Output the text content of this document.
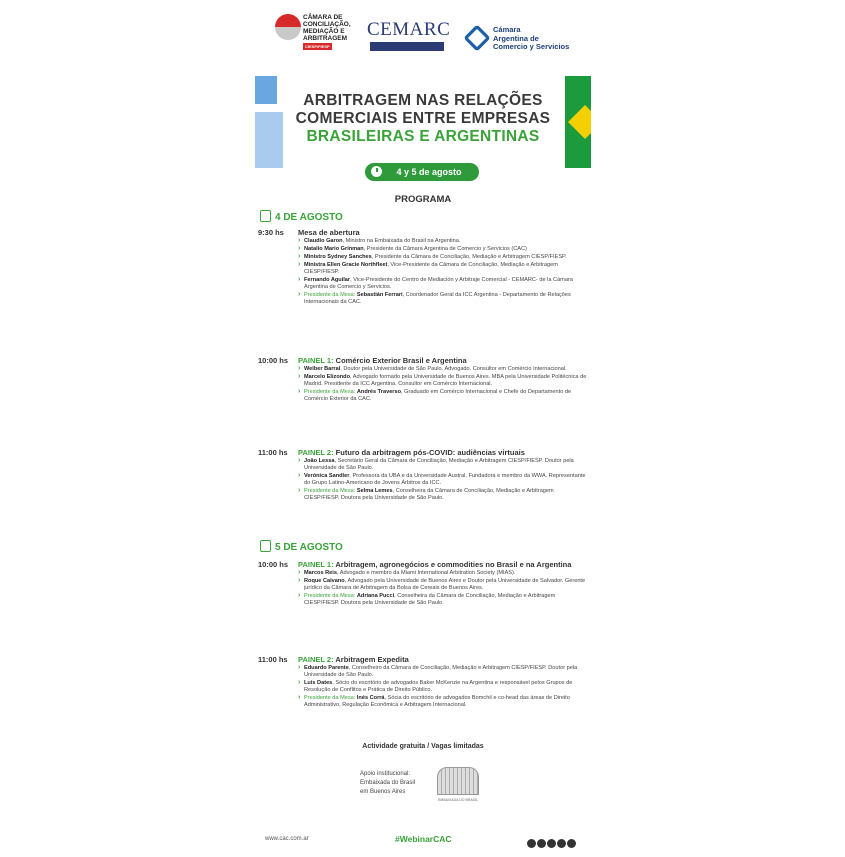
CÂMARA DE
CONCILIAÇÃO,
MEDIAÇÃO E
ARBITRAGEM
CIESP/FIESP
CEMARC	Cámara
Argentina de
Comercio y Servicios
ARBITRAGEM NAS RELAÇÕES
COMERCIAIS ENTRE EMPRESAS
BRASILEIRAS E ARGENTINAS
4 y 5 de agosto
PROGRAMA
4 DE AGOSTO
9:30 hs	Mesa de abertura
› Claudio Garon, Ministro na Embaixada do Brasil na Argentina.
› Natalio Mario Grinman, Presidente da Câmara Argentina de Comercio y Servicios (CAC)
› Ministro Sydney Sanches, Presidente da Câmara de Conciliação, Mediação e Arbitragem CIESP/FIESP.
› Ministra Ellen Gracie Northfleet, Vice-Presidente da Câmara de Conciliação, Mediação e Arbitragem CIESP/FIESP.
› Fernando Aguilar, Vice-Presidente do Centro de Mediación y Arbitraje Comercial - CEMARC- de la Cámara Argentina de Comercio y Servicios.
› Presidente da Mesa: Sebastián Ferrari, Coordenador Geral da ICC Argentina - Departamento de Relações Internacionais da CAC.
10:00 hs	PAINEL 1: Comércio Exterior Brasil e Argentina
› Welber Barral, Doutor pela Universidade de São Paulo. Advogado. Consultor em Comércio Internacional.
› Marcelo Elizondo, Advogado formado pela Universidade de Buenos Aires. MBA pela Universidade Politécnica de Madrid. Presidente da ICC Argentina. Consultor em Comércio Internacional.
› Presidente da Mesa: Andrés Traverso, Graduado em Comércio Internacional e Chefe do Departamento de Comércio Exterior da CAC.
11:00 hs	PAINEL 2: Futuro da arbitragem pós-COVID: audiências virtuais
› João Lessa, Secretário Geral da Câmara de Conciliação, Mediação e Arbitragem CIESP/FIESP. Doutor pela Universidade de São Paulo.
› Verónica Sandler, Professora da UBA e da Universidade Austral. Fundadora e membro da WWA. Representante do Grupo Latino-Americano de Jovens Árbitros da ICC.
› Presidente da Mesa: Selma Lemes, Conselheira da Câmara de Conciliação, Mediação e Arbitragem CIESP/FIESP. Doutora pela Universidade de São Paulo.
5 DE AGOSTO
10:00 hs	PAINEL 1: Arbitragem, agronegócios e commodities no Brasil e na Argentina
› Marcos Reis, Advogado e membro da Miami International Arbitration Society (MIAS).
› Roque Caivano, Advogado pela Universidade de Buenos Aires e Doutor pela Universidade de Salvador. Gerente jurídico da Câmara de Arbitragem da Bolsa de Cereais de Buenos Aires.
› Presidente da Mesa: Adriana Pucci, Conselheira da Câmara de Conciliação, Mediação e Arbitragem CIESP/FIESP. Doutora pela Universidade de São Paulo.
11:00 hs	PAINEL 2: Arbitragem Expedita
› Eduardo Parente, Conselheiro da Câmara de Conciliação, Mediação e Arbitragem CIESP/FIESP. Doutor pela Universidade de São Paulo.
› Luis Dates, Sócio do escritório de advogados Baker McKenzie na Argentina e responsável pelos Grupos de Resolução de Conflitos e Prática de Direito Público.
› Presidente da Mesa: Inés Corrá, Sócia do escritório de advogados Bomchil e co-head das áreas de Direito Administrativo, Regulação Econômica e Arbitragem Internacional.
Actividade gratuita / Vagas limitadas
Apoio institucional:
Embaixada do Brasil
em Buenos Aires
EMBAIXADA DO BRASIL
www.cac.com.ar	#WebinarCAC
